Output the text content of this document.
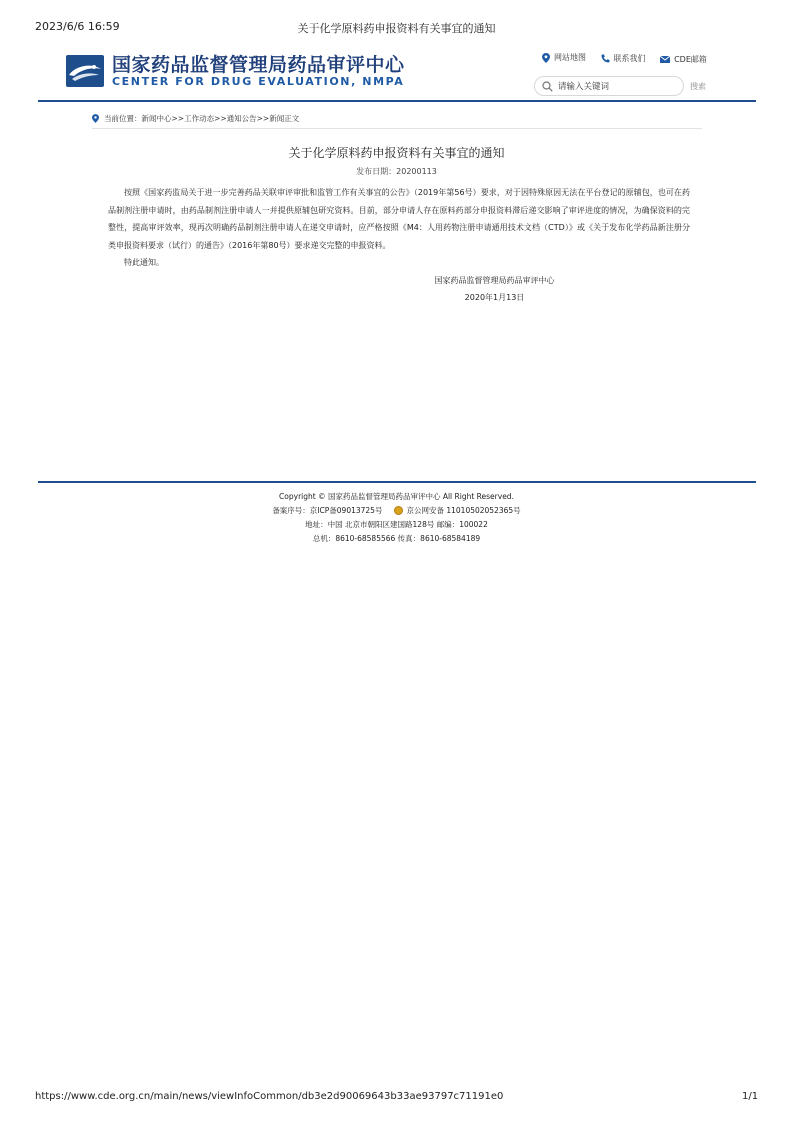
2023/6/6 16:59	关于化学原料药申报资料有关事宜的通知
国家药品监督管理局药品审评中心
CENTER FOR DRUG EVALUATION, NMPA
网站地图
	联系我们
	CDE邮箱
请输入关键词	搜索
当前位置：新闻中心>>工作动态>>通知公告>>新闻正文
关于化学原料药申报资料有关事宜的通知
发布日期：20200113

按照《国家药监局关于进一步完善药品关联审评审批和监管工作有关事宜的公告》（2019年第56号）要求，对于因特殊原因无法在平台登记的原辅包，也可在药品制剂注册申请时，由药品制剂注册申请人一并提供原辅包研究资料。目前，部分申请人存在原料药部分申报资料滞后递交影响了审评进度的情况，为确保资料的完整性，提高审评效率，现再次明确药品制剂注册申请人在递交申请时，应严格按照《M4：人用药物注册申请通用技术文档（CTD）》或《关于发布化学药品新注册分类申报资料要求（试行）的通告》（2016年第80号）要求递交完整的申报资料。

特此通知。

国家药品监督管理局药品审评中心
2020年1月13日
Copyright © 国家药品监督管理局药品审评中心 All Right Reserved.
备案序号：京ICP备09013725号	京公网安备 11010502052365号
地址：中国 北京市朝阳区建国路128号 邮编：100022
总机：8610-68585566 传真：8610-68584189
https://www.cde.org.cn/main/news/viewInfoCommon/db3e2d90069643b33ae93797c71191e0	1/1
